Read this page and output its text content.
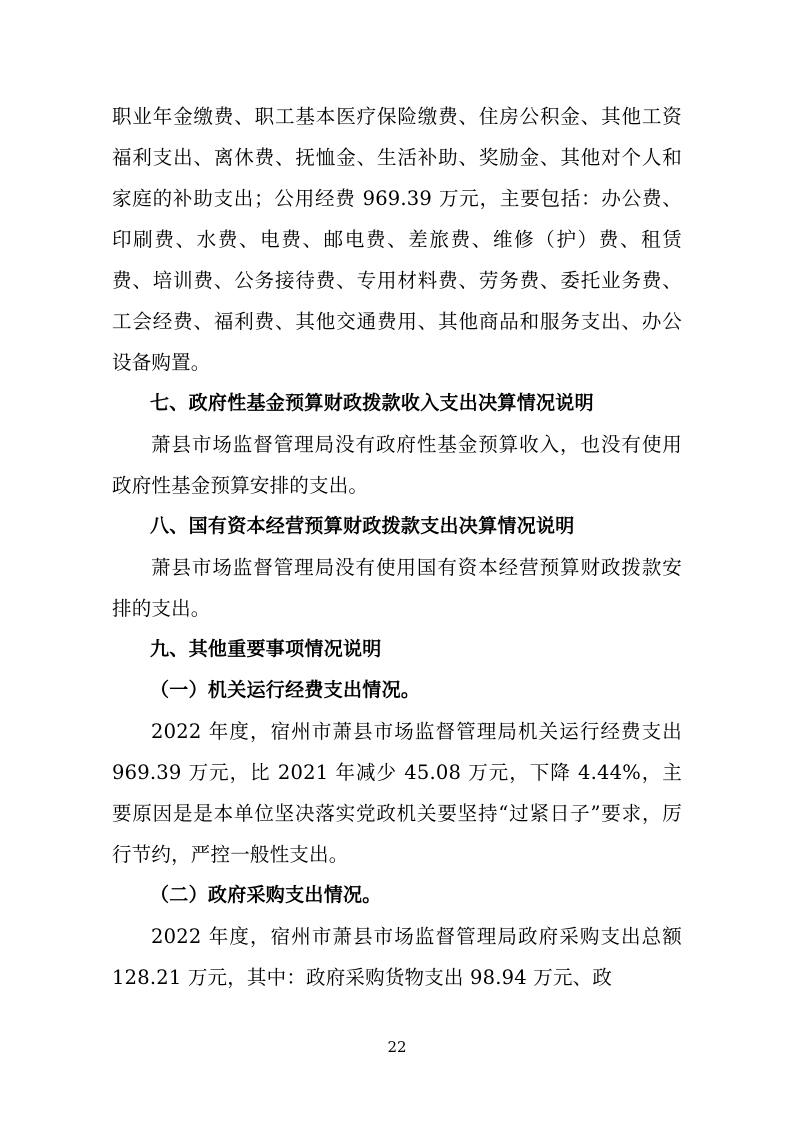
职业年金缴费、职工基本医疗保险缴费、住房公积金、其他工资福利支出、离休费、抚恤金、生活补助、奖励金、其他对个人和家庭的补助支出；公用经费 969.39 万元，主要包括：办公费、印刷费、水费、电费、邮电费、差旅费、维修（护）费、租赁费、培训费、公务接待费、专用材料费、劳务费、委托业务费、工会经费、福利费、其他交通费用、其他商品和服务支出、办公设备购置。

七、政府性基金预算财政拨款收入支出决算情况说明

萧县市场监督管理局没有政府性基金预算收入，也没有使用政府性基金预算安排的支出。

八、国有资本经营预算财政拨款支出决算情况说明

萧县市场监督管理局没有使用国有资本经营预算财政拨款安排的支出。

九、其他重要事项情况说明

（一）机关运行经费支出情况。

2022 年度，宿州市萧县市场监督管理局机关运行经费支出 969.39 万元，比 2021 年减少 45.08 万元，下降 4.44%，主要原因是是本单位坚决落实党政机关要坚持“过紧日子”要求，厉行节约，严控一般性支出。

（二）政府采购支出情况。

2022 年度，宿州市萧县市场监督管理局政府采购支出总额 128.21 万元，其中：政府采购货物支出 98.94 万元、政

22
